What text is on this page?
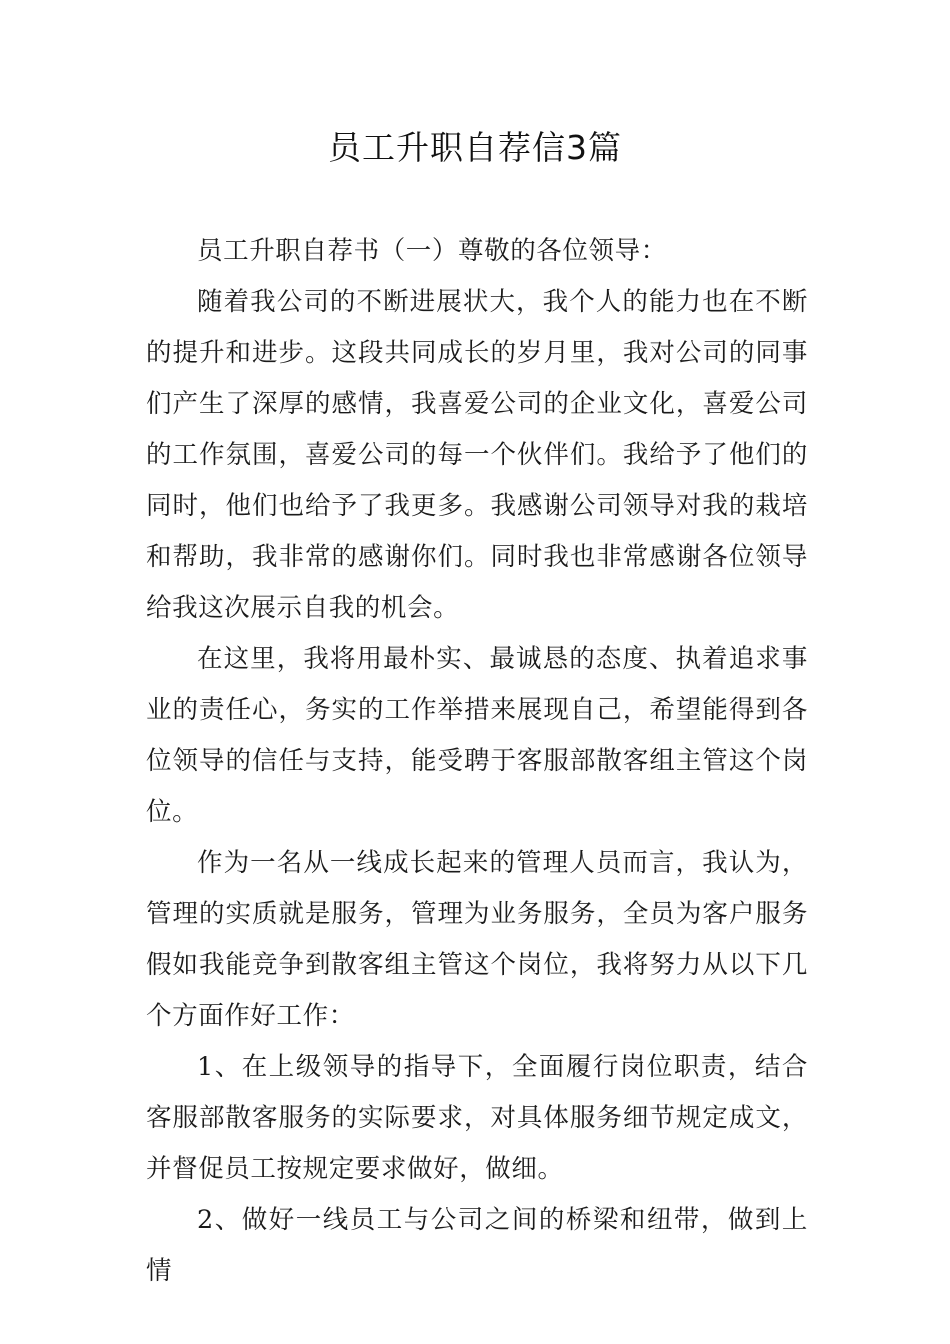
员工升职自荐信3篇

员工升职自荐书（一）尊敬的各位领导：

随着我公司的不断进展状大，我个人的能力也在不断的提升和进步。这段共同成长的岁月里，我对公司的同事们产生了深厚的感情，我喜爱公司的企业文化，喜爱公司的工作氛围，喜爱公司的每一个伙伴们。我给予了他们的同时，他们也给予了我更多。我感谢公司领导对我的栽培和帮助，我非常的感谢你们。同时我也非常感谢各位领导给我这次展示自我的机会。

在这里，我将用最朴实、最诚恳的态度、执着追求事业的责任心，务实的工作举措来展现自己，希望能得到各位领导的信任与支持，能受聘于客服部散客组主管这个岗位。

作为一名从一线成长起来的管理人员而言，我认为，管理的实质就是服务，管理为业务服务，全员为客户服务假如我能竞争到散客组主管这个岗位，我将努力从以下几个方面作好工作：

1、在上级领导的指导下，全面履行岗位职责，结合客服部散客服务的实际要求，对具体服务细节规定成文，并督促员工按规定要求做好，做细。

2、做好一线员工与公司之间的桥梁和纽带，做到上情
